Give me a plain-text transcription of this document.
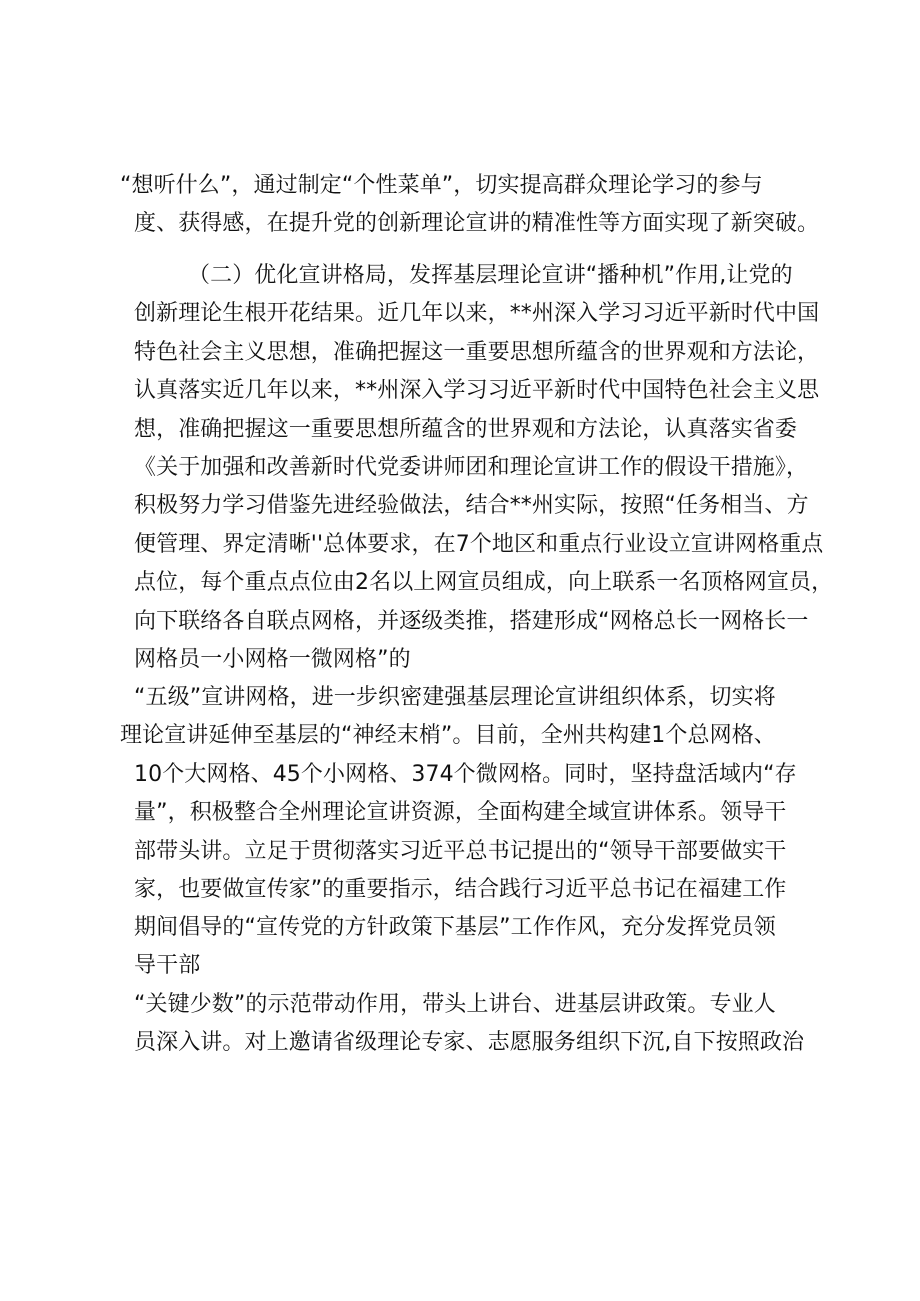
“想听什么”，通过制定“个性菜单”，切实提高群众理论学习的参与
度、获得感，在提升党的创新理论宣讲的精准性等方面实现了新突破。
（二）优化宣讲格局，发挥基层理论宣讲“播种机”作用,让党的
创新理论生根开花结果。近几年以来，**州深入学习习近平新时代中国
特色社会主义思想，准确把握这一重要思想所蕴含的世界观和方法论，
认真落实近几年以来，**州深入学习习近平新时代中国特色社会主义思
想，准确把握这一重要思想所蕴含的世界观和方法论，认真落实省委
《关于加强和改善新时代党委讲师团和理论宣讲工作的假设干措施》，
积极努力学习借鉴先进经验做法，结合**州实际，按照“任务相当、方
便管理、界定清晰''总体要求，在7个地区和重点行业设立宣讲网格重点
点位，每个重点点位由2名以上网宣员组成，向上联系一名顶格网宣员，
向下联络各自联点网格，并逐级类推，搭建形成“网格总长一网格长一
网格员一小网格一微网格”的
“五级”宣讲网格，进一步织密建强基层理论宣讲组织体系，切实将
理论宣讲延伸至基层的“神经末梢”。目前，全州共构建1个总网格、
10个大网格、45个小网格、374个微网格。同时，坚持盘活域内“存
量”，积极整合全州理论宣讲资源，全面构建全域宣讲体系。领导干
部带头讲。立足于贯彻落实习近平总书记提出的“领导干部要做实干
家，也要做宣传家”的重要指示，结合践行习近平总书记在福建工作
期间倡导的“宣传党的方针政策下基层”工作作风，充分发挥党员领
导干部
“关键少数”的示范带动作用，带头上讲台、进基层讲政策。专业人
员深入讲。对上邀请省级理论专家、志愿服务组织下沉,自下按照政治
